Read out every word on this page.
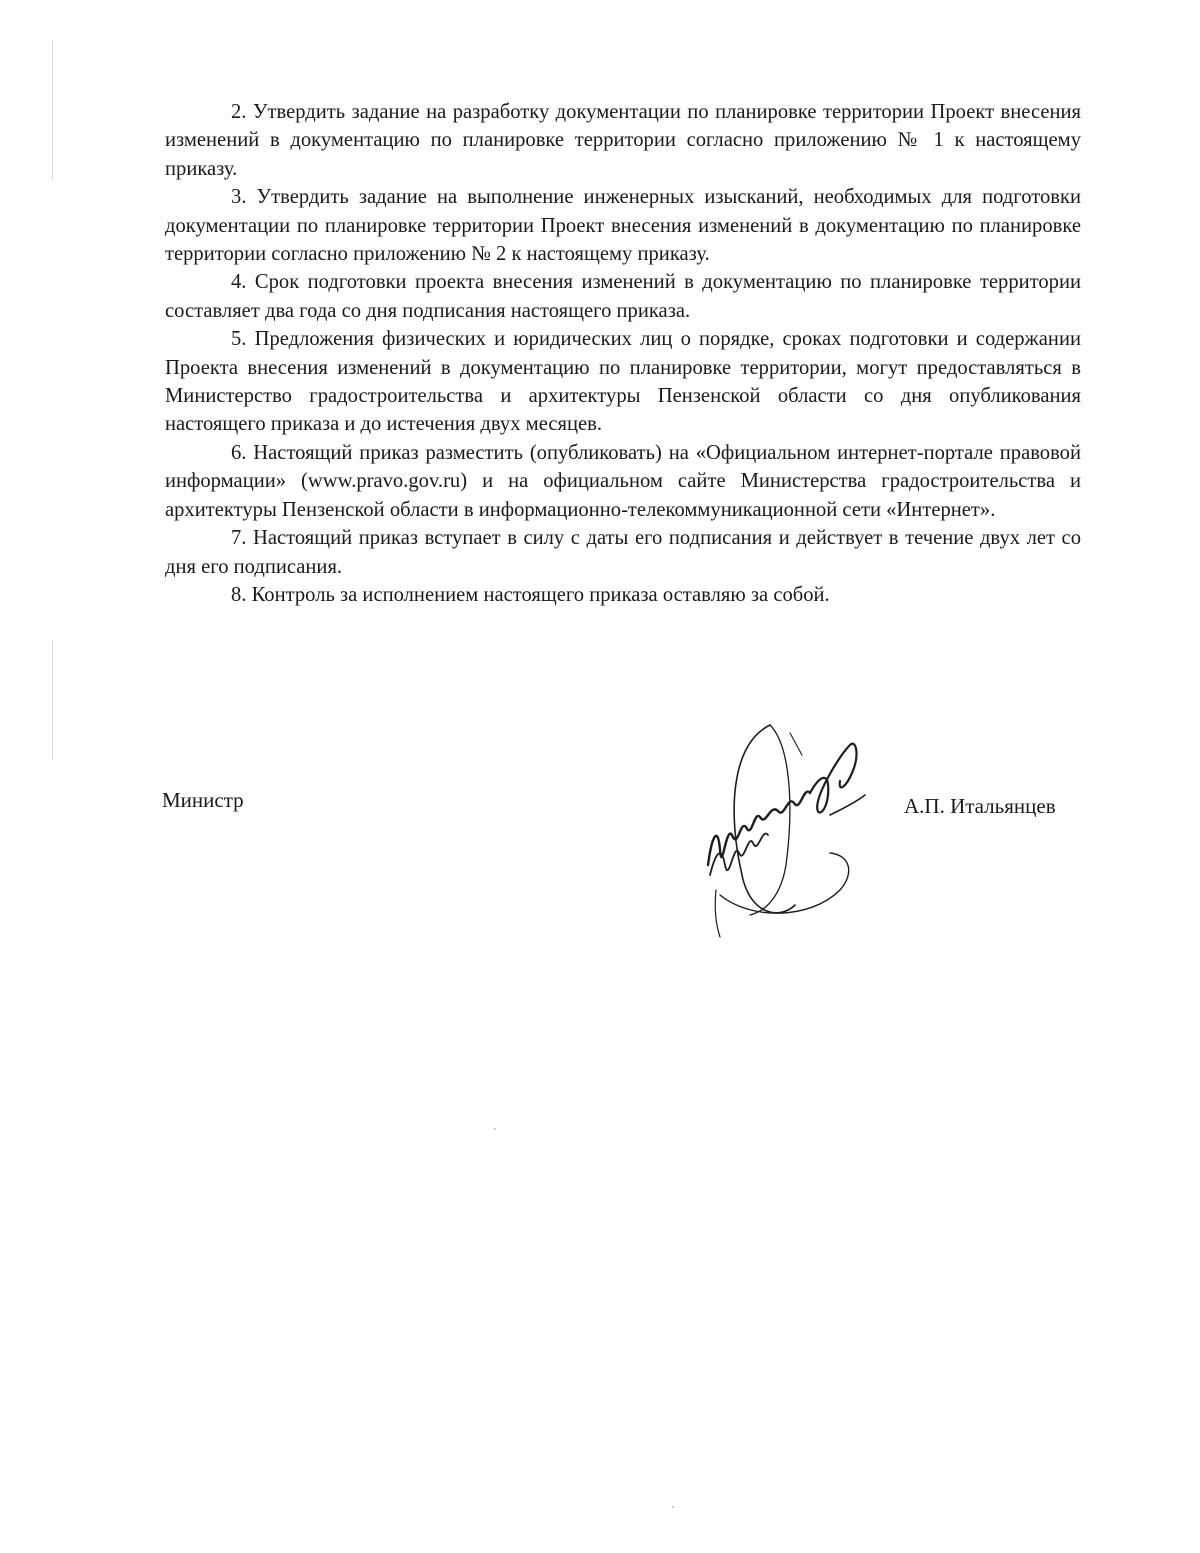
2. Утвердить задание на разработку документации по планировке территории Проект внесения изменений в документацию по планировке территории согласно приложению № 1 к настоящему приказу.

3. Утвердить задание на выполнение инженерных изысканий, необходимых для подготовки документации по планировке территории Проект внесения изменений в документацию по планировке территории согласно приложению № 2 к настоящему приказу.

4. Срок подготовки проекта внесения изменений в документацию по планировке территории составляет два года со дня подписания настоящего приказа.

5. Предложения физических и юридических лиц о порядке, сроках подготовки и содержании Проекта внесения изменений в документацию по планировке территории, могут предоставляться в Министерство градостроительства и архитектуры Пензенской области со дня опубликования настоящего приказа и до истечения двух месяцев.

6. Настоящий приказ разместить (опубликовать) на «Официальном интернет-портале правовой информации» (www.pravo.gov.ru) и на официальном сайте Министерства градостроительства и архитектуры Пензенской области в информационно-телекоммуникационной сети «Интернет».

7. Настоящий приказ вступает в силу с даты его подписания и действует в течение двух лет со дня его подписания.

8. Контроль за исполнением настоящего приказа оставляю за собой.

Министр	А.П. Итальянцев
